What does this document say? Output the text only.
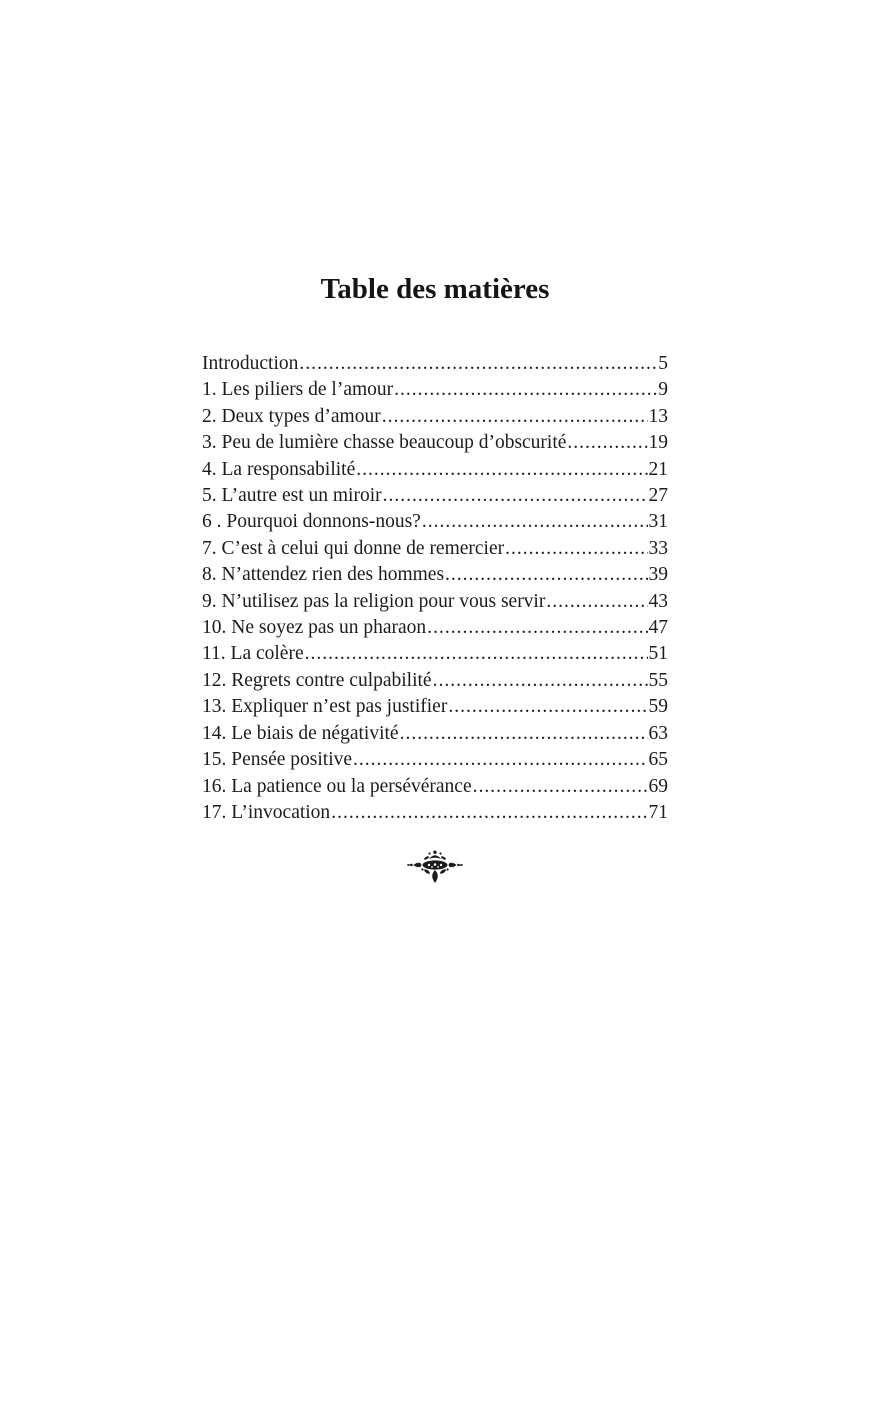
Table des matières
Introduction .....	5
1. Les piliers de l’amour .....	9
2. Deux types d’amour .....	13
3. Peu de lumière chasse beaucoup d’obscurité .....	19
4. La responsabilité .....	21
5. L’autre est un miroir .....	27
6 . Pourquoi donnons-nous? .....	31
7. C’est à celui qui donne de remercier .....	33
8. N’attendez rien des hommes .....	39
9. N’utilisez pas la religion pour vous servir .....	43
10. Ne soyez pas un pharaon .....	47
11. La colère .....	51
12. Regrets contre culpabilité .....	55
13. Expliquer n’est pas justifier .....	59
14. Le biais de négativité .....	63
15. Pensée positive .....	65
16. La patience ou la persévérance .....	69
17. L’invocation .....	71
